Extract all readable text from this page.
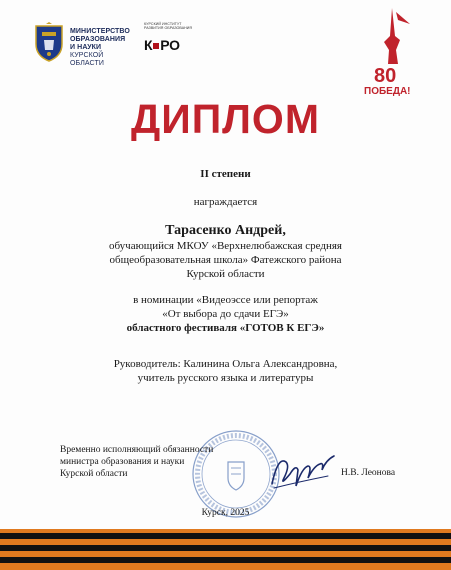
МИНИСТЕРСТВО
ОБРАЗОВАНИЯ
И НАУКИ
КУРСКОЙ
ОБЛАСТИ
КУРСКИЙ ИНСТИТУТ
РАЗВИТИЯ ОБРАЗОВАНИЯ
К РО
80
ПОБЕДА!
ДИПЛОМ
II степени
награждается
Тарасенко Андрей,
обучающийся МКОУ «Верхнелюбажская средняя
общеобразовательная школа» Фатежского района
Курской области
в номинации «Видеоэссе или репортаж
«От выбора до сдачи ЕГЭ»
областного фестиваля «ГОТОВ К ЕГЭ»
Руководитель: Калинина Ольга Александровна,
учитель русского языка и литературы
Временно исполняющий обязанности
министра образования и науки
Курской области	Н.В. Леонова
Курск, 2025
